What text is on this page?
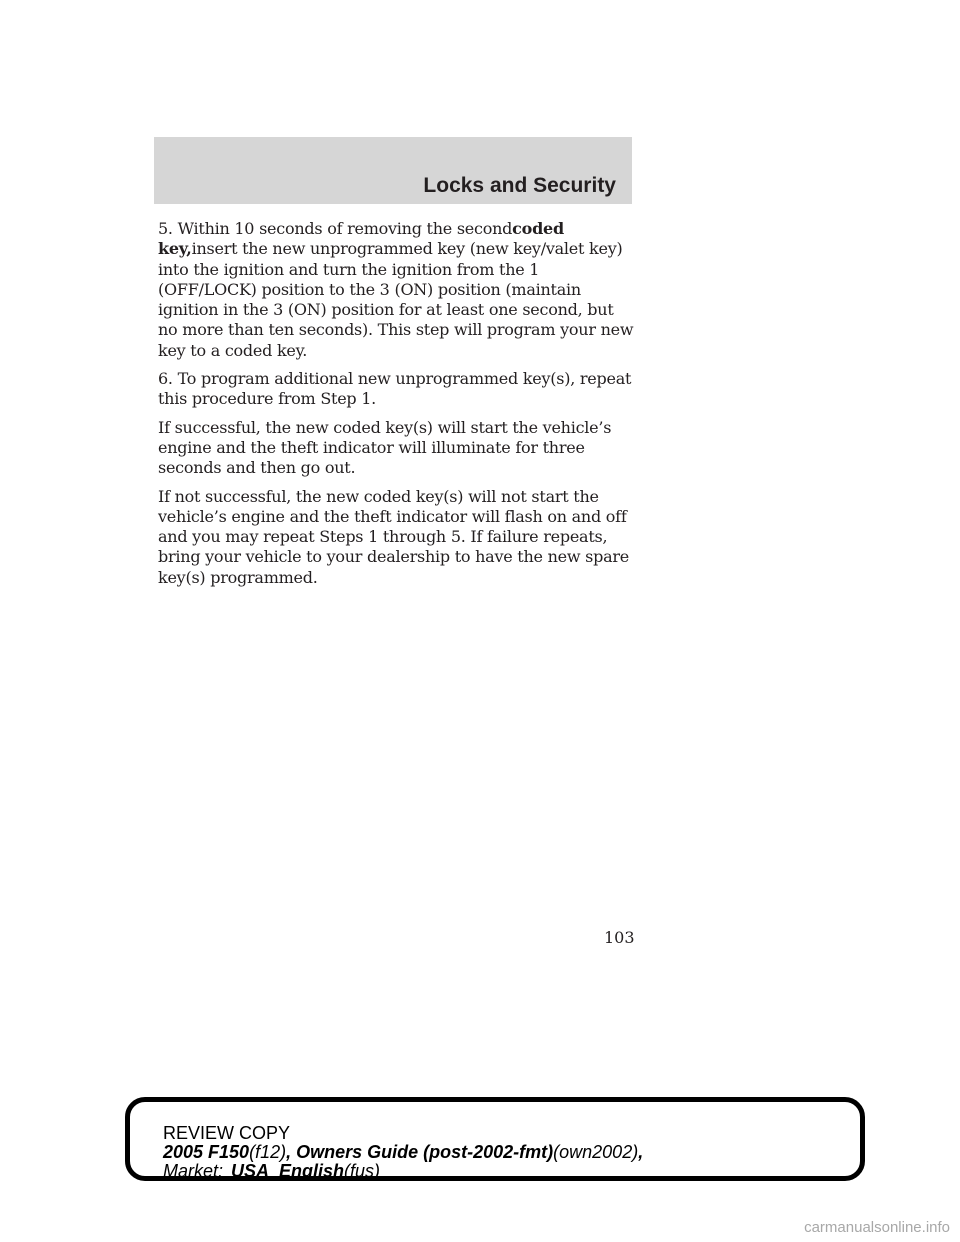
Locks and Security

5. Within 10 seconds of removing the secondcoded key,insert the new unprogrammed key (new key/valet key) into the ignition and turn the ignition from the 1 (OFF/LOCK) position to the 3 (ON) position (maintain ignition in the 3 (ON) position for at least one second, but no more than ten seconds). This step will program your new key to a coded key.

6. To program additional new unprogrammed key(s), repeat this procedure from Step 1.

If successful, the new coded key(s) will start the vehicle’s engine and the theft indicator will illuminate for three seconds and then go out.

If not successful, the new coded key(s) will not start the vehicle’s engine and the theft indicator will flash on and off and you may repeat Steps 1 through 5. If failure repeats, bring your vehicle to your dealership to have the new spare key(s) programmed.

103
REVIEW COPY
2005 F150(f12), Owners Guide (post-2002-fmt)(own2002),
Market: USA_English(fus)
carmanualsonline.info
